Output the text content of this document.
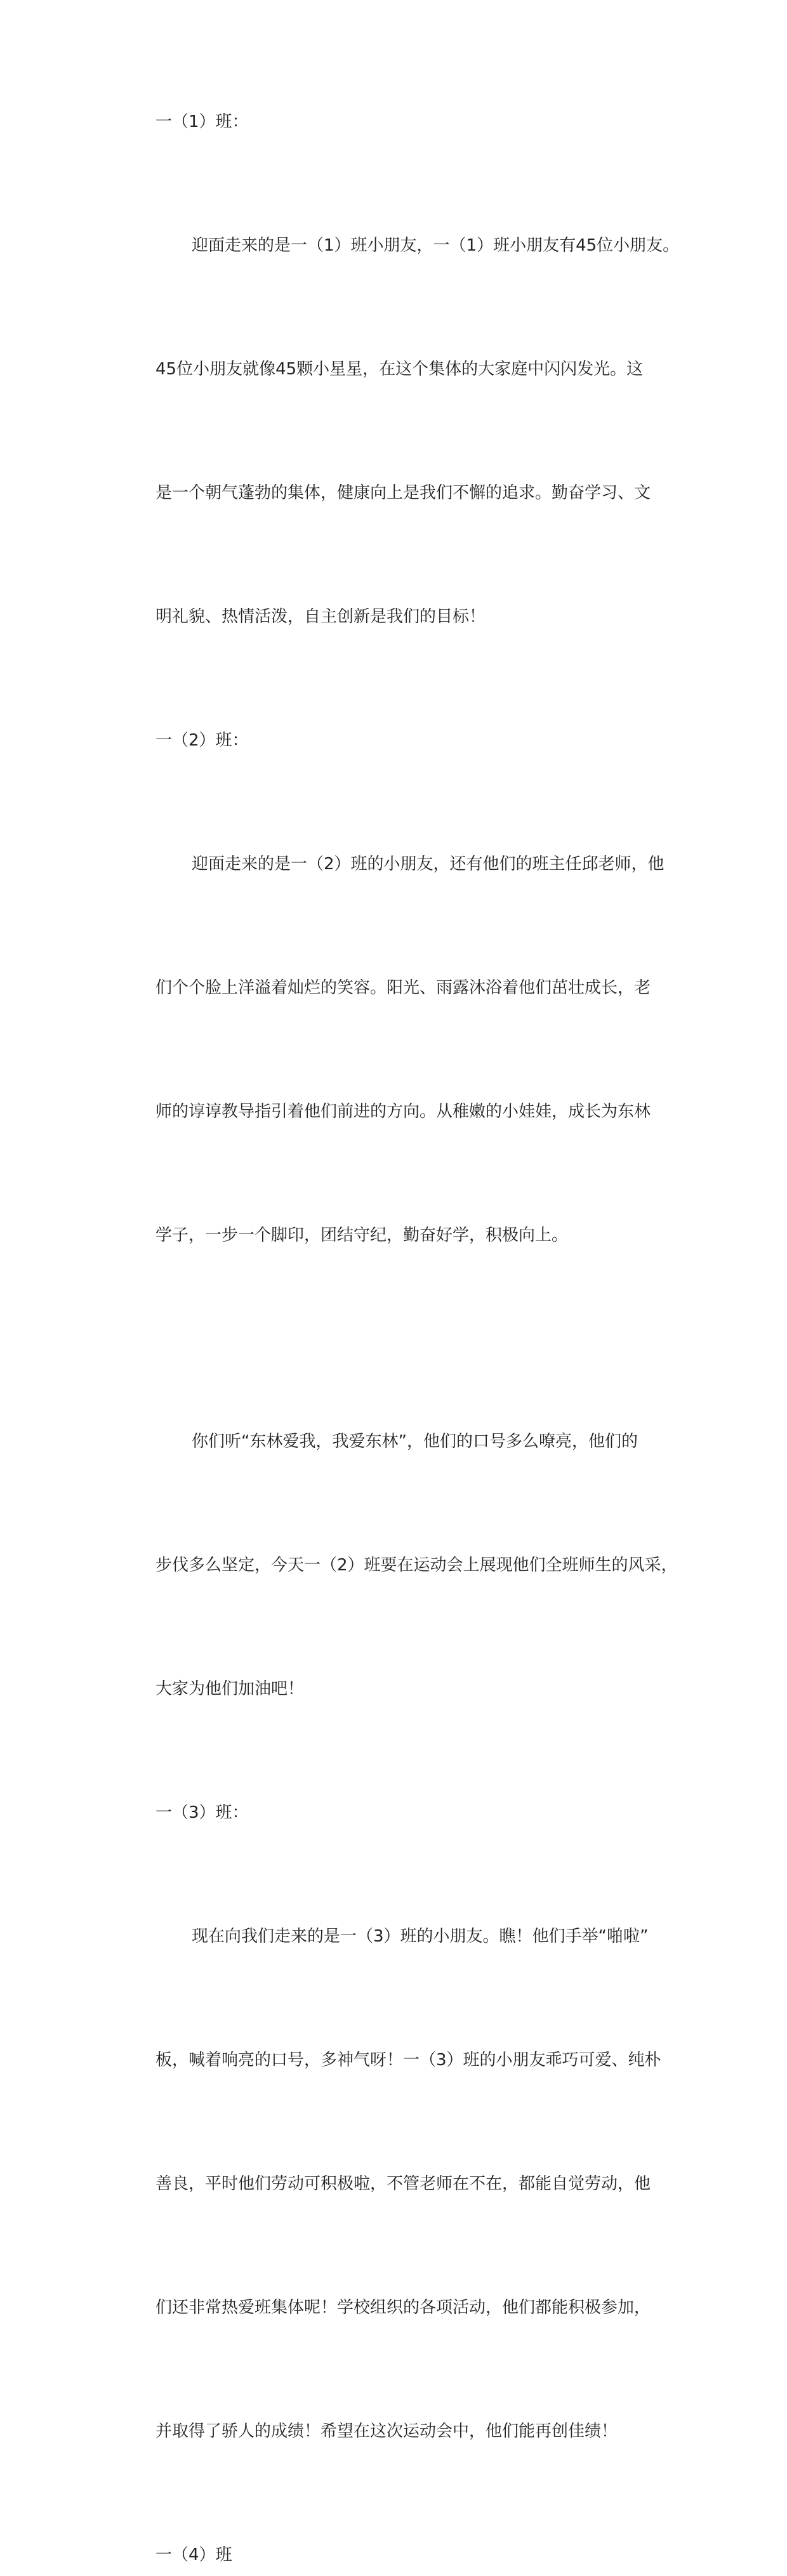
一（1）班：

迎面走来的是一（1）班小朋友，一（1）班小朋友有45位小朋友。

45位小朋友就像45颗小星星，在这个集体的大家庭中闪闪发光。这

是一个朝气蓬勃的集体，健康向上是我们不懈的追求。勤奋学习、文

明礼貌、热情活泼，自主创新是我们的目标！

一（2）班：

迎面走来的是一（2）班的小朋友，还有他们的班主任邱老师，他

们个个脸上洋溢着灿烂的笑容。阳光、雨露沐浴着他们茁壮成长，老

师的谆谆教导指引着他们前进的方向。从稚嫩的小娃娃，成长为东林

学子，一步一个脚印，团结守纪，勤奋好学，积极向上。

你们听“东林爱我，我爱东林”，他们的口号多么嘹亮，他们的

步伐多么坚定，今天一（2）班要在运动会上展现他们全班师生的风采，

大家为他们加油吧！

一（3）班：

现在向我们走来的是一（3）班的小朋友。瞧！他们手举“啪啦”

板，喊着响亮的口号，多神气呀！一（3）班的小朋友乖巧可爱、纯朴

善良，平时他们劳动可积极啦，不管老师在不在，都能自觉劳动，他

们还非常热爱班集体呢！学校组织的各项活动，他们都能积极参加，

并取得了骄人的成绩！希望在这次运动会中，他们能再创佳绩！

一（4）班
